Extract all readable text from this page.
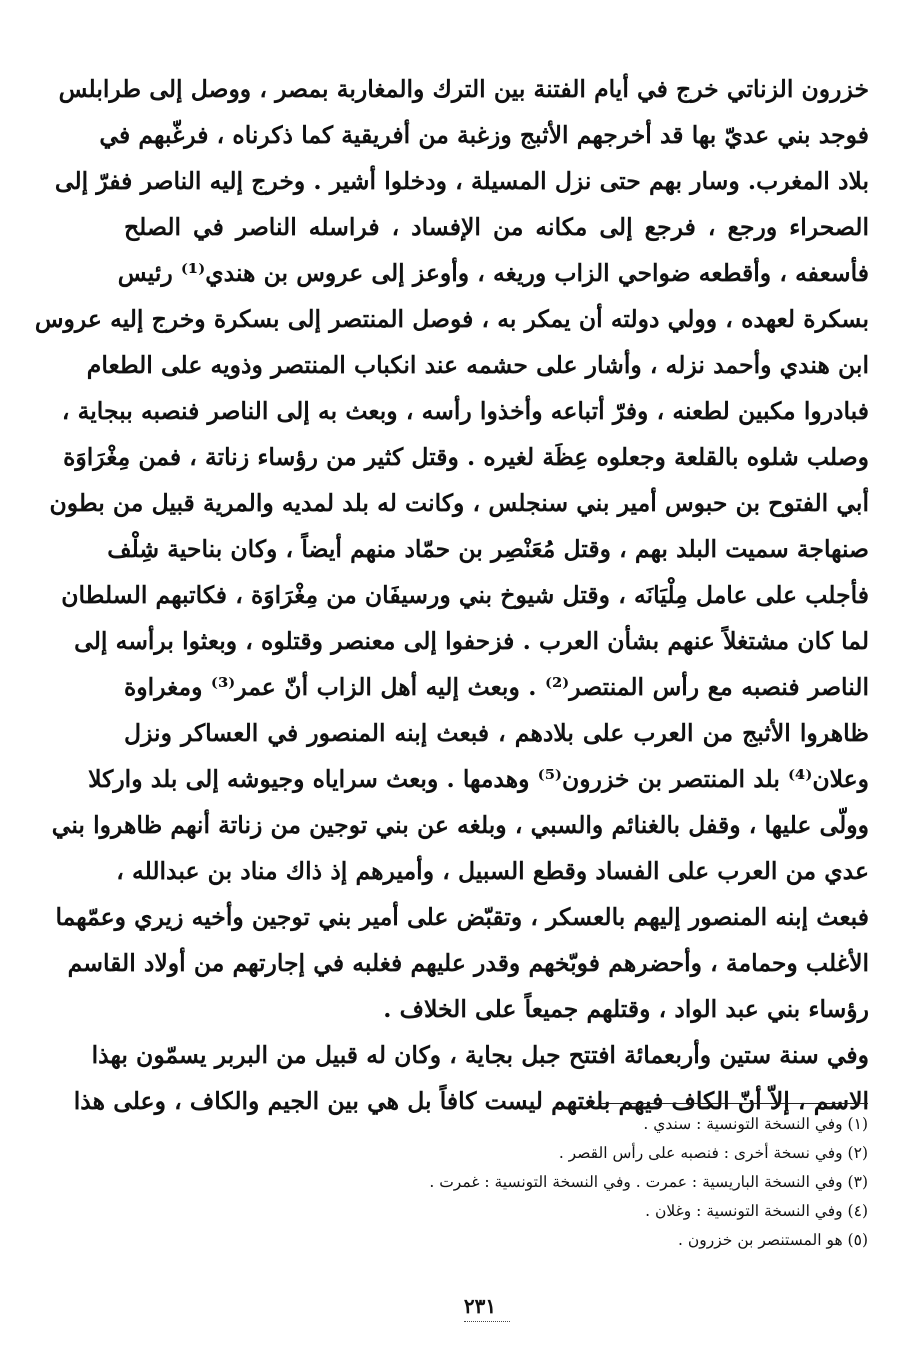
خزرون الزناتي خرج في أيام الفتنة بين الترك والمغاربة بمصر ، ووصل إلى طرابلس
فوجد بني عديّ بها قد أخرجهم الأثبج وزغبة من أفريقية كما ذكرناه ، فرغّبهم في
بلاد المغرب. وسار بهم حتى نزل المسيلة ، ودخلوا أشير . وخرج إليه الناصر ففرّ إلى
الصحراء ورجع ، فرجع إلى مكانه من الإفساد ، فراسله الناصر في الصلح
فأسعفه ، وأقطعه ضواحي الزاب وريغه ، وأوعز إلى عروس بن هندي⁽¹⁾ رئيس
بسكرة لعهده ، وولي دولته أن يمكر به ، فوصل المنتصر إلى بسكرة وخرج إليه عروس
ابن هندي وأحمد نزله ، وأشار على حشمه عند انكباب المنتصر وذويه على الطعام
فبادروا مكبين لطعنه ، وفرّ أتباعه وأخذوا رأسه ، وبعث به إلى الناصر فنصبه ببجاية ،
وصلب شلوه بالقلعة وجعلوه عِظَة لغيره . وقتل كثير من رؤساء زناتة ، فمن مِغْرَاوَة
أبي الفتوح بن حبوس أمير بني سنجلس ، وكانت له بلد لمديه والمرية قبيل من بطون
صنهاجة سميت البلد بهم ، وقتل مُعَنْصِر بن حمّاد منهم أيضاً ، وكان بناحية شِلْف
فأجلب على عامل مِلْيَانَه ، وقتل شيوخ بني ورسيفَان من مِغْرَاوَة ، فكاتبهم السلطان
لما كان مشتغلاً عنهم بشأن العرب . فزحفوا إلى معنصر وقتلوه ، وبعثوا برأسه إلى
الناصر فنصبه مع رأس المنتصر⁽²⁾ . وبعث إليه أهل الزاب أنّ عمر⁽³⁾ ومغراوة
ظاهروا الأثبج من العرب على بلادهم ، فبعث إبنه المنصور في العساكر ونزل
وعلان⁽⁴⁾ بلد المنتصر بن خزرون⁽⁵⁾ وهدمها . وبعث سراياه وجيوشه إلى بلد واركلا
وولّى عليها ، وقفل بالغنائم والسبي ، وبلغه عن بني توجين من زناتة أنهم ظاهروا بني
عدي من العرب على الفساد وقطع السبيل ، وأميرهم إذ ذاك مناد بن عبدالله ،
فبعث إبنه المنصور إليهم بالعسكر ، وتقبّض على أمير بني توجين وأخيه زيري وعمّهما
الأغلب وحمامة ، وأحضرهم فوبّخهم وقدر عليهم فغلبه في إجارتهم من أولاد القاسم
رؤساء بني عبد الواد ، وقتلهم جميعاً على الخلاف .
وفي سنة ستين وأربعمائة افتتح جبل بجاية ، وكان له قبيل من البربر يسمّون بهذا
الاسم ، إلاّ أنّ الكاف فيهم بلغتهم ليست كافاً بل هي بين الجيم والكاف ، وعلى هذا
(١) وفي النسخة التونسية : سندي .
(٢) وفي نسخة أخرى : فنصبه على رأس القصر .
(٣) وفي النسخة الباريسية : عمرت . وفي النسخة التونسية : غمرت .
(٤) وفي النسخة التونسية : وغلان .
(٥) هو المستنصر بن خزرون .
٢٣١
